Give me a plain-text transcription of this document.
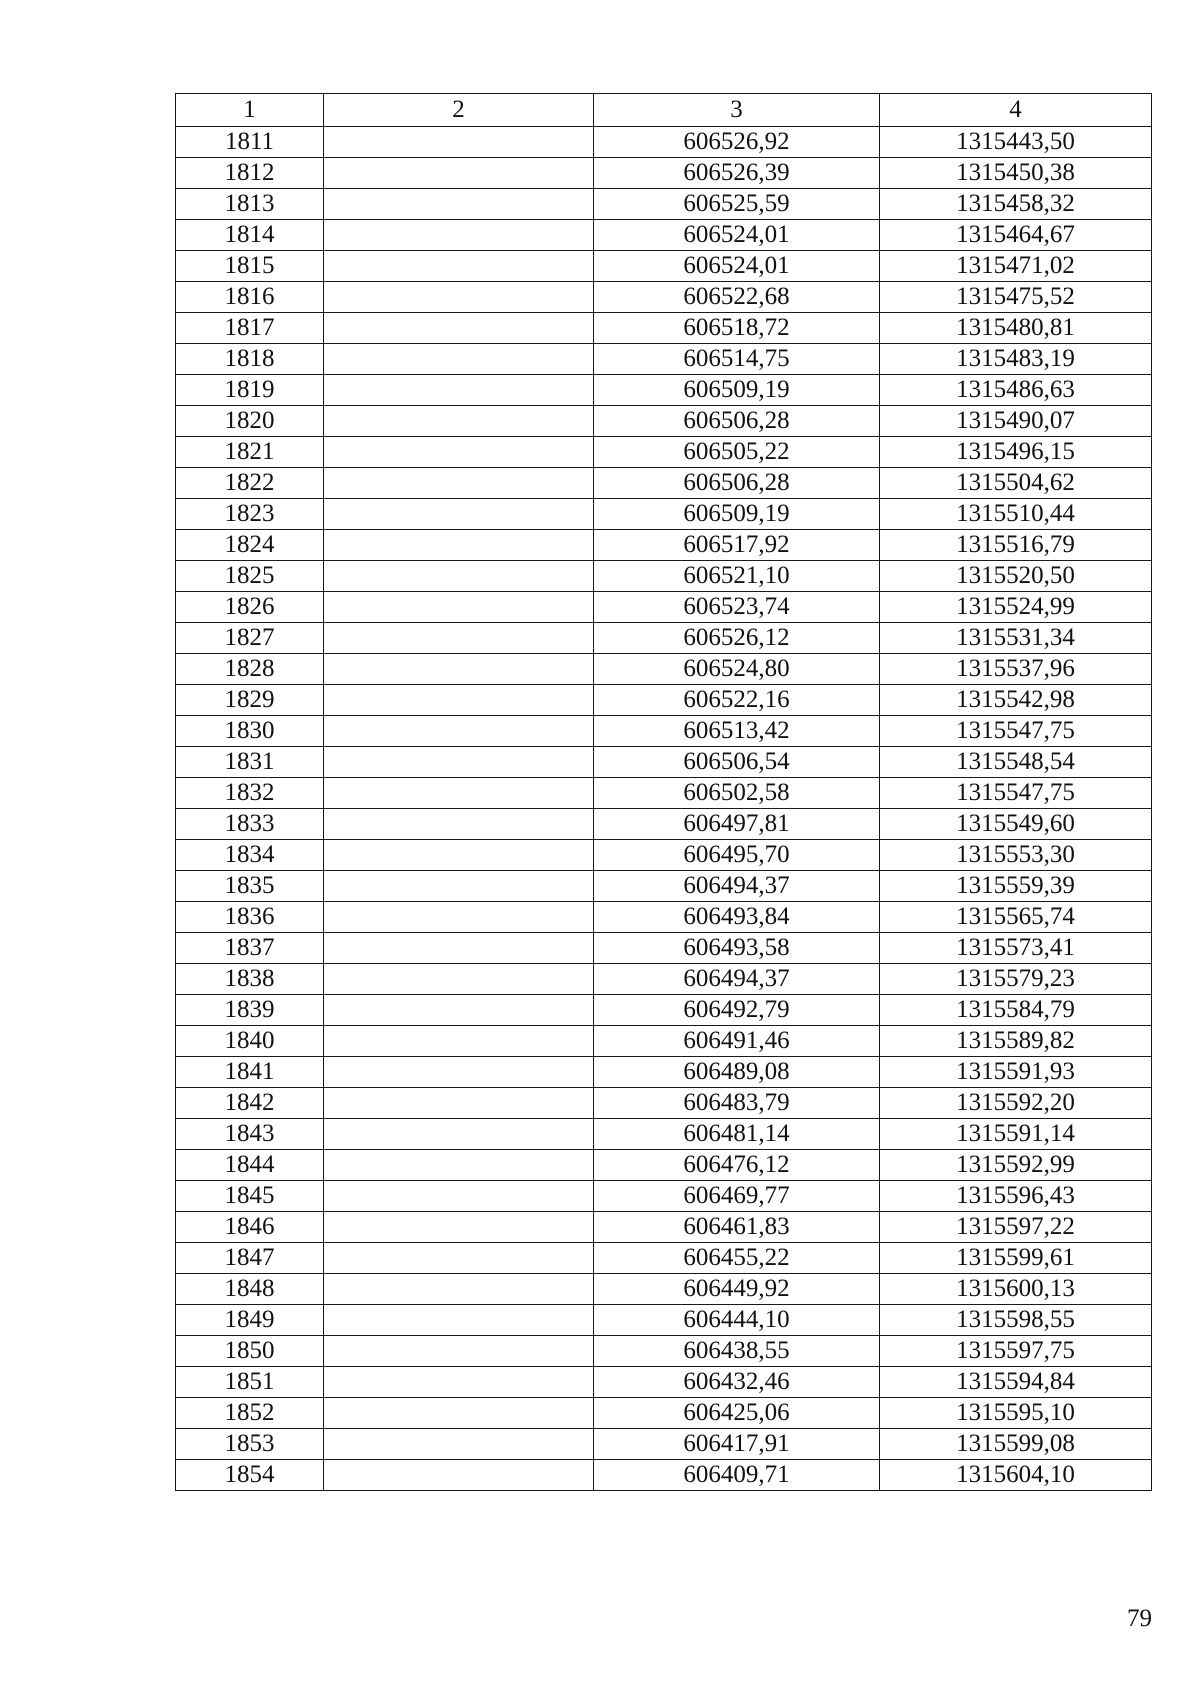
1	2	3	4
1811		606526,92	1315443,50
1812		606526,39	1315450,38
1813		606525,59	1315458,32
1814		606524,01	1315464,67
1815		606524,01	1315471,02
1816		606522,68	1315475,52
1817		606518,72	1315480,81
1818		606514,75	1315483,19
1819		606509,19	1315486,63
1820		606506,28	1315490,07
1821		606505,22	1315496,15
1822		606506,28	1315504,62
1823		606509,19	1315510,44
1824		606517,92	1315516,79
1825		606521,10	1315520,50
1826		606523,74	1315524,99
1827		606526,12	1315531,34
1828		606524,80	1315537,96
1829		606522,16	1315542,98
1830		606513,42	1315547,75
1831		606506,54	1315548,54
1832		606502,58	1315547,75
1833		606497,81	1315549,60
1834		606495,70	1315553,30
1835		606494,37	1315559,39
1836		606493,84	1315565,74
1837		606493,58	1315573,41
1838		606494,37	1315579,23
1839		606492,79	1315584,79
1840		606491,46	1315589,82
1841		606489,08	1315591,93
1842		606483,79	1315592,20
1843		606481,14	1315591,14
1844		606476,12	1315592,99
1845		606469,77	1315596,43
1846		606461,83	1315597,22
1847		606455,22	1315599,61
1848		606449,92	1315600,13
1849		606444,10	1315598,55
1850		606438,55	1315597,75
1851		606432,46	1315594,84
1852		606425,06	1315595,10
1853		606417,91	1315599,08
1854		606409,71	1315604,10
79
